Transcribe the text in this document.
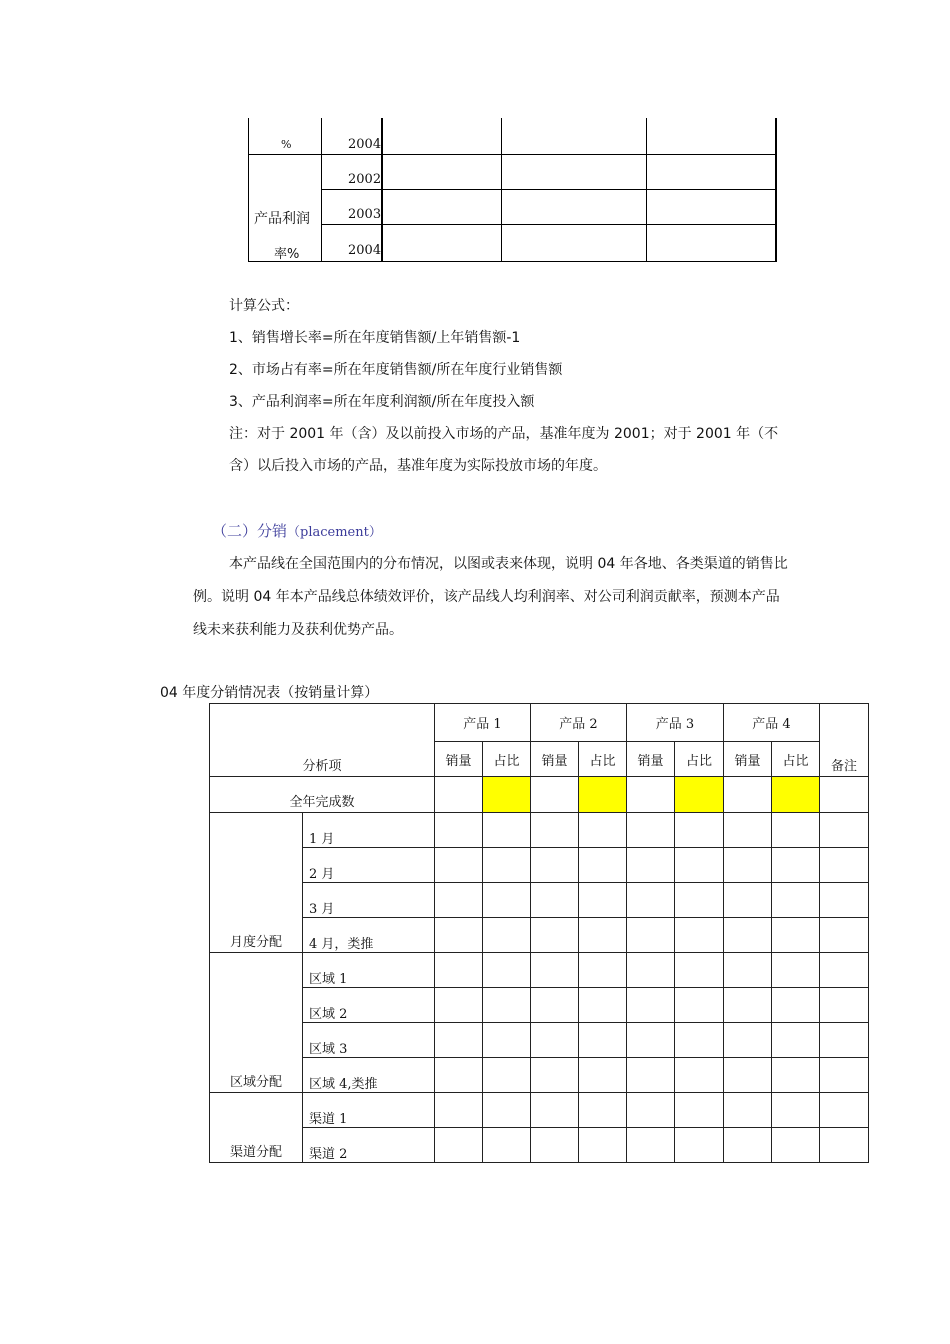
%	2004
2002
产品利润	2003
率%	2004
计算公式：
1、销售增长率=所在年度销售额/上年销售额-1
2、市场占有率=所在年度销售额/所在年度行业销售额
3、产品利润率=所在年度利润额/所在年度投入额
注：对于 2001 年（含）及以前投入市场的产品，基准年度为 2001；对于 2001 年（不
含）以后投入市场的产品，基准年度为实际投放市场的年度。
（二）分销（placement）
本产品线在全国范围内的分布情况，以图或表来体现，说明 04 年各地、各类渠道的销售比
例。说明 04 年本产品线总体绩效评价，该产品线人均利润率、对公司利润贡献率，预测本产品
线未来获利能力及获利优势产品。
04 年度分销情况表（按销量计算）
分析项		产品 1		产品 2		产品 3		产品 4		备注
		销量	占比	销量	占比	销量	占比	销量	占比	
全年完成数										
月度分配	1 月									
	2 月									
	3 月									
	4 月，类推									
区域分配	区域 1									
	区域 2									
	区域 3									
	区域 4,类推									
渠道分配	渠道 1									
	渠道 2									
